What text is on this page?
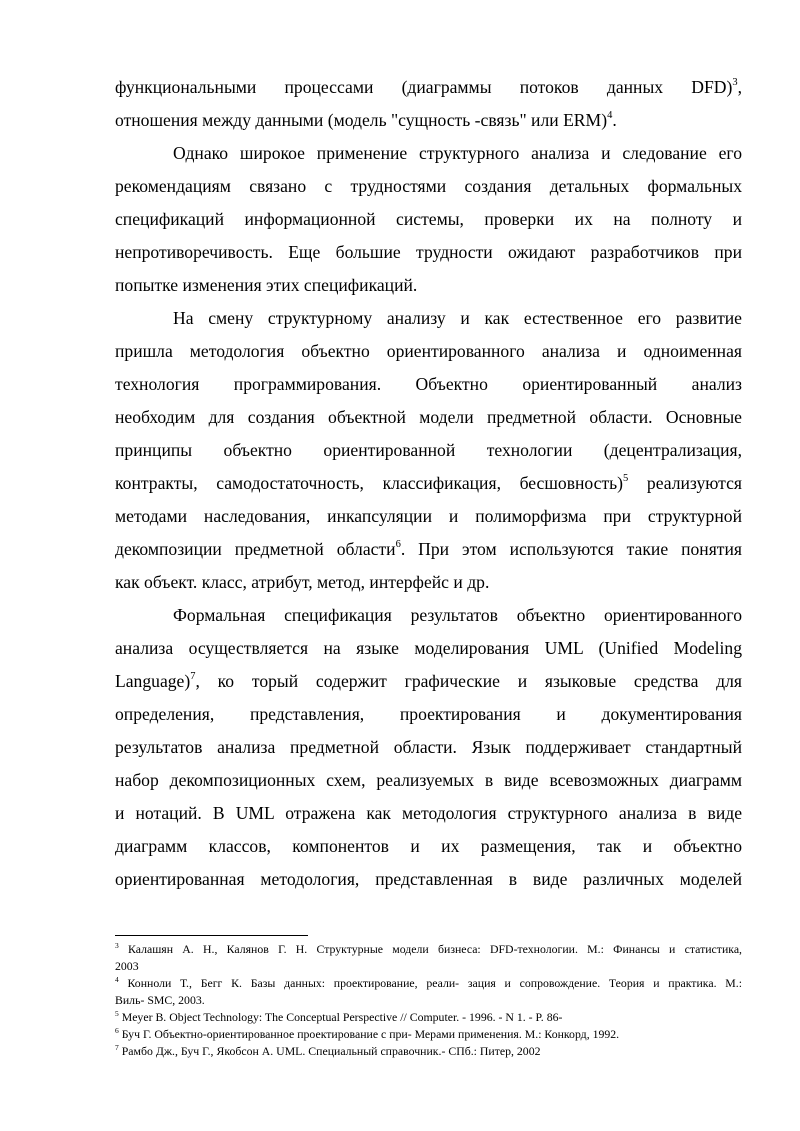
функциональными процессами (диаграммы потоков данных DFD)$^3$,
отношения между данными (модель "сущность -связь" или ERM)$^4$.
Однако широкое применение структурного анализа и следование его
рекомендациям связано с трудностями создания детальных формальных
спецификаций информационной системы, проверки их на полноту и
непротиворечивость. Еще большие трудности ожидают разработчиков при
попытке изменения этих спецификаций.
На смену структурному анализу и как естественное его развитие
пришла методология объектно ориентированного анализа и одноименная
технология программирования. Объектно ориентированный анализ
необходим для создания объектной модели предметной области. Основные
принципы объектно ориентированной технологии (децентрализация,
контракты, самодостаточность, классификация, бесшовность)$^5$ реализуются
методами наследования, инкапсуляции и полиморфизма при структурной
декомпозиции предметной области$^6$. При этом используются такие понятия
как объект. класс, атрибут, метод, интерфейс и др.
Формальная спецификация результатов объектно ориентированного
анализа осуществляется на языке моделирования UML (Unified Modeling
Language)$^7$, ко торый содержит графические и языковые средства для
определения, представления, проектирования и документирования
результатов анализа предметной области. Язык поддерживает стандартный
набор декомпозиционных схем, реализуемых в виде всевозможных диаграмм
и нотаций. В UML отражена как методология структурного анализа в виде
диаграмм классов, компонентов и их размещения, так и объектно
ориентированная методология, представленная в виде различных моделей
$^3$ Калашян А. Н., Калянов Г. Н. Структурные модели бизнеса: DFD-технологии. М.: Финансы и статистика,
2003
$^4$ Конноли Т., Бегг К. Базы данных: проектирование, реали- зация и сопровождение. Теория и практика. М.:
Виль- SMC, 2003.
$^5$ Meyer B. Object Technology: The Conceptual Perspective // Computer. - 1996. - N 1. - P. 86-
$^6$ Буч Г. Объектно-ориентированное проектирование с при- Мерами применения. М.: Конкорд, 1992.
$^7$ Рамбо Дж., Буч Г., Якобсон А. UML. Специальный справочник.- СПб.: Питер, 2002
